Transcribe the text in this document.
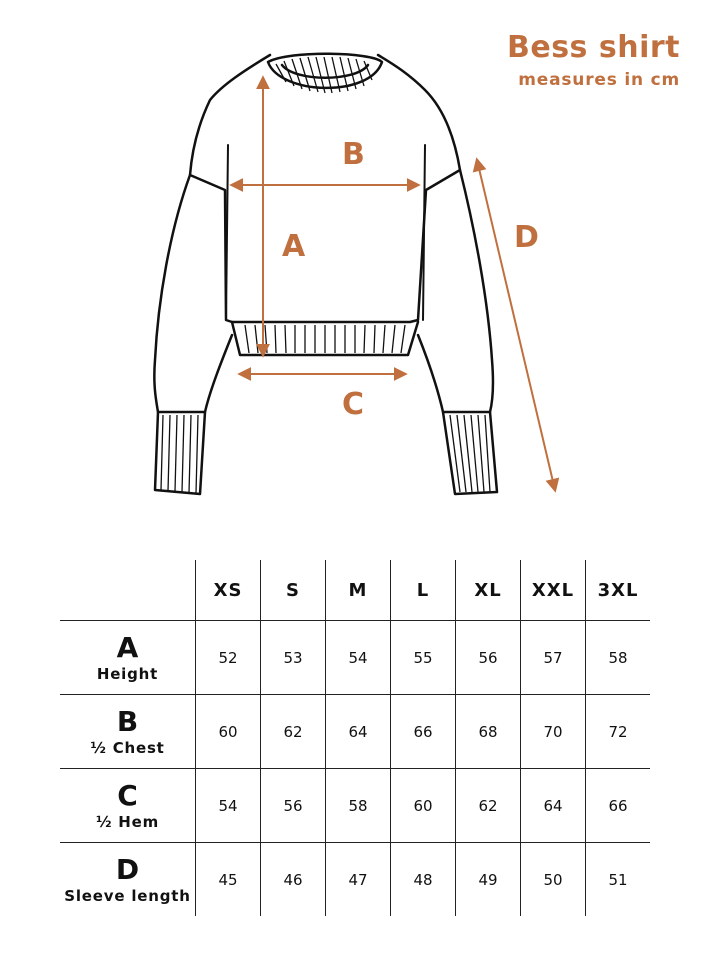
Bess shirt
measures in cm
A
B
C
D
	XS	S	M	L	XL	XXL	3XL

A
Height	52	53	54	55	56	57	58

B
½ Chest	60	62	64	66	68	70	72

C
½ Hem	54	56	58	60	62	64	66

D
Sleeve length	45	46	47	48	49	50	51
